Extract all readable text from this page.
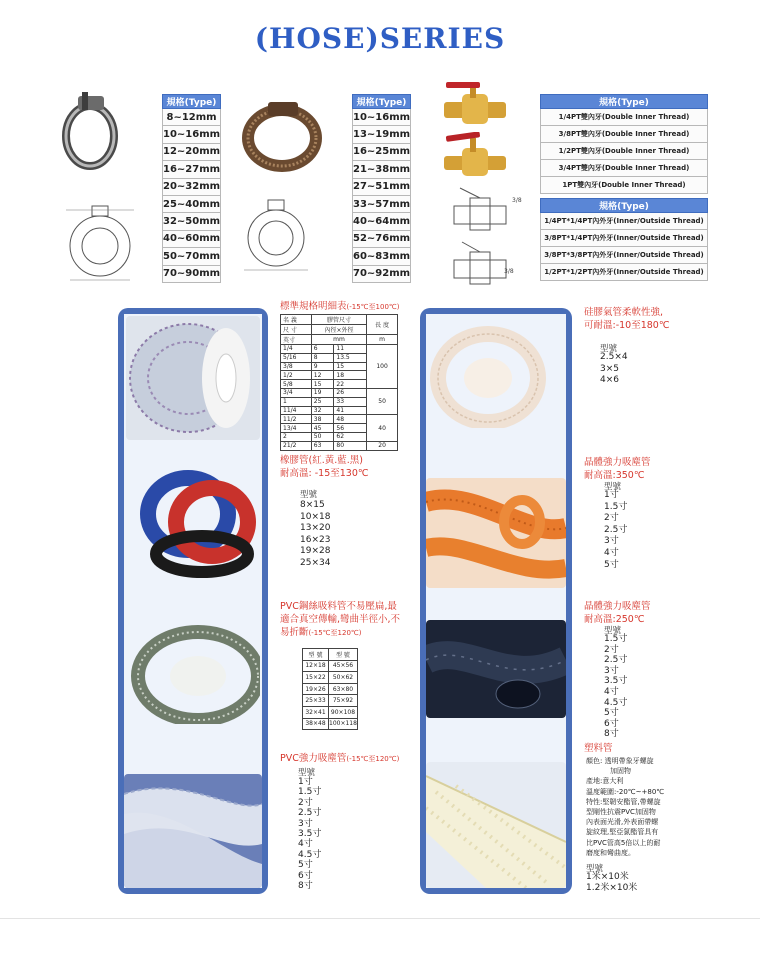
(HOSE)SERIES
規格(Type)
8~12mm
10~16mm
12~20mm
16~27mm
20~32mm
25~40mm
32~50mm
40~60mm
50~70mm
70~90mm
規格(Type)
10~16mm
13~19mm
16~25mm
21~38mm
27~51mm
33~57mm
40~64mm
52~76mm
60~83mm
70~92mm
3/8
3/8
規格(Type)
1/4PT雙內牙(Double Inner Thread)
3/8PT雙內牙(Double Inner Thread)
1/2PT雙內牙(Double Inner Thread)
3/4PT雙內牙(Double Inner Thread)
1PT雙內牙(Double Inner Thread)
規格(Type)
1/4PT*1/4PT內外牙(Inner/Outside Thread)
3/8PT*1/4PT內外牙(Inner/Outside Thread)
3/8PT*3/8PT內外牙(Inner/Outside Thread)
1/2PT*1/2PT內外牙(Inner/Outside Thread)
標準規格明細表(-15℃至100℃)
名 義	膠管尺寸		長 度
尺 寸	內徑×外徑		
英寸	mm		m
1/4	6	11	100
5/16	8	13.5	
3/8	9	15	
1/2	12	18	
5/8	15	22	
3/4	19	26	50
1	25	33	
11/4	32	41	
11/2	38	48	40
13/4	45	56	
2	50	62	
21/2	63	80	20
橡膠管(紅.黃.藍.黑)
耐高溫: -15至130℃
型號
8×15
10×18
13×20
16×23
19×28
25×34
PVC鋼絲吸料管不易壓扁,最
適合真空傳輸,彎曲半徑小,不
易折斷(-15℃至120℃)
型 號	型 號
12×18	45×56
15×22	50×62
19×26	63×80
25×33	75×92
32×41	90×108
38×48	100×118
PVC強力吸塵管(-15℃至120℃)
型號
1寸
1.5寸
2寸
2.5寸
3寸
3.5寸
4寸
4.5寸
5寸
6寸
8寸
硅膠氣管柔軟性強,
可耐溫:-10至180℃
型號
2.5×4
3×5
4×6
晶體強力吸塵管
耐高溫:350℃
型號
1寸
1.5寸
2寸
2.5寸
3寸
4寸
5寸
晶體強力吸塵管
耐高溫:250℃
型號
1.5寸
2寸
2.5寸
3寸
3.5寸
4寸
4.5寸
5寸
6寸
8寸
塑料管
顏色: 透明帶象牙螺旋
加固物
產地:意大利
溫度範圍:-20℃~+80℃
特性:堅韌安酯管,帶螺旋
型剛性抗震PVC加固物
內表面光滑,外表面帶螺
旋紋理,堅亞氯酯管具有
比PVC管高5倍以上的耐
磨度和彎曲度。
型號
1米×10米
1.2米×10米
